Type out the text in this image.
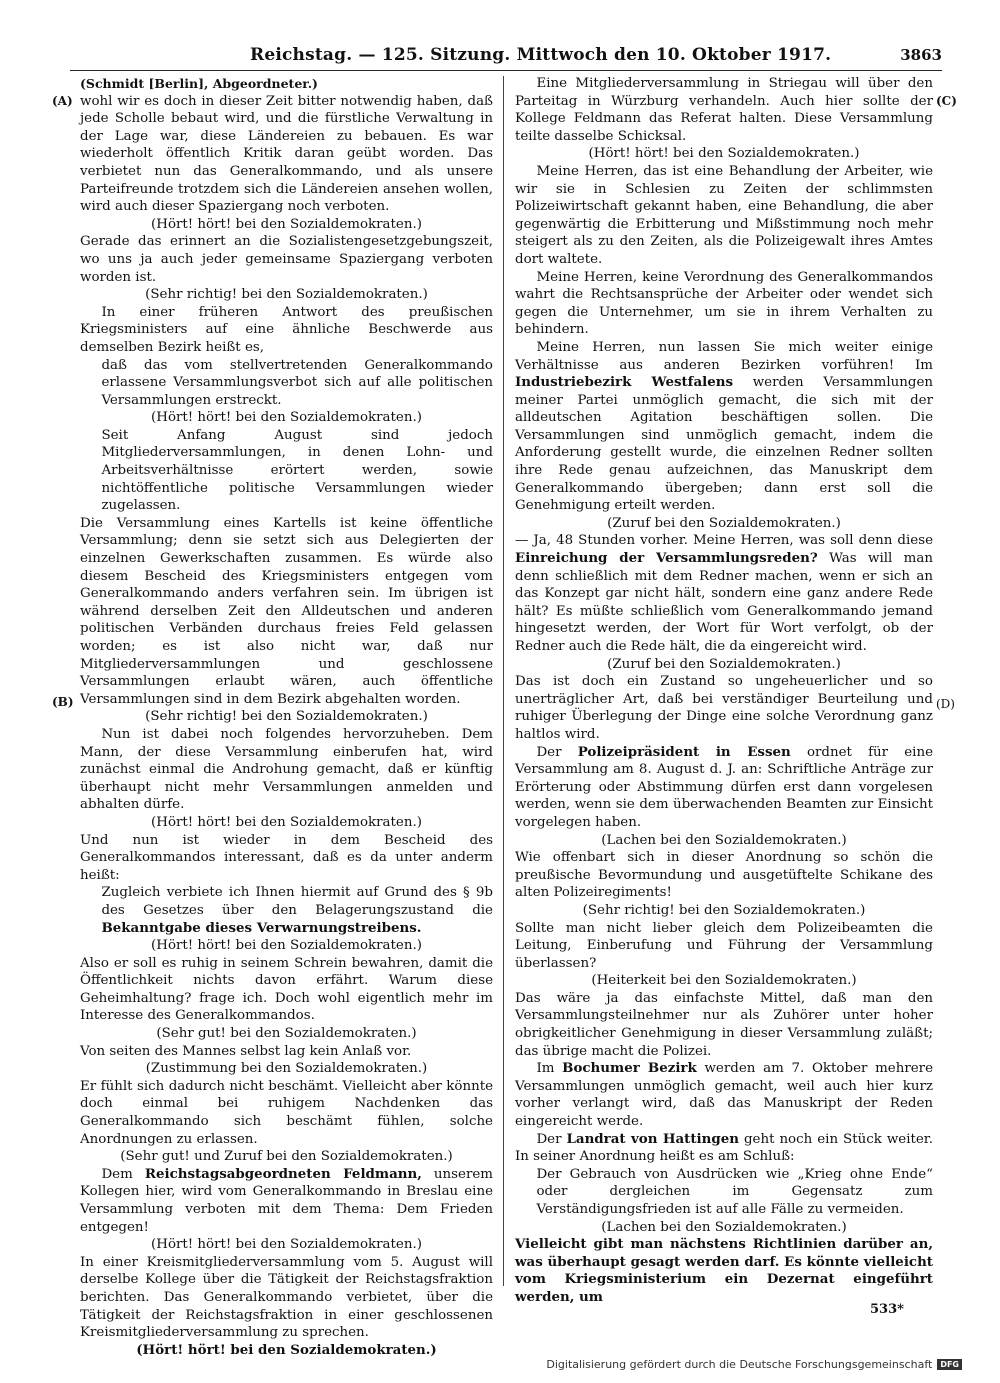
Reichstag. — 125. Sitzung. Mittwoch den 10. Oktober 1917.	3863
(A)
(B)
(C)
(D)

(Schmidt [Berlin], Abgeordneter.)

wohl wir es doch in dieser Zeit bitter notwendig haben, daß jede Scholle bebaut wird, und die fürstliche Verwaltung in der Lage war, diese Ländereien zu bebauen. Es war wiederholt öffentlich Kritik daran geübt worden. Das verbietet nun das Generalkommando, und als unsere Parteifreunde trotzdem sich die Ländereien ansehen wollen, wird auch dieser Spaziergang noch verboten.

(Hört! hört! bei den Sozialdemokraten.)

Gerade das erinnert an die Sozialistengesetzgebungszeit, wo uns ja auch jeder gemeinsame Spaziergang verboten worden ist.

(Sehr richtig! bei den Sozialdemokraten.)

In einer früheren Antwort des preußischen Kriegsministers auf eine ähnliche Beschwerde aus demselben Bezirk heißt es,

daß das vom stellvertretenden Generalkommando erlassene Versammlungsverbot sich auf alle politischen Versammlungen erstreckt.

(Hört! hört! bei den Sozialdemokraten.)

Seit Anfang August sind jedoch Mitgliederversammlungen, in denen Lohn- und Arbeitsverhältnisse erörtert werden, sowie nichtöffentliche politische Versammlungen wieder zugelassen.

Die Versammlung eines Kartells ist keine öffentliche Versammlung; denn sie setzt sich aus Delegierten der einzelnen Gewerkschaften zusammen. Es würde also diesem Bescheid des Kriegsministers entgegen vom Generalkommando anders verfahren sein. Im übrigen ist während derselben Zeit den Alldeutschen und anderen politischen Verbänden durchaus freies Feld gelassen worden; es ist also nicht war, daß nur Mitgliederversammlungen und geschlossene Versammlungen erlaubt wären, auch öffentliche Versammlungen sind in dem Bezirk abgehalten worden.

(Sehr richtig! bei den Sozialdemokraten.)

Nun ist dabei noch folgendes hervorzuheben. Dem Mann, der diese Versammlung einberufen hat, wird zunächst einmal die Androhung gemacht, daß er künftig überhaupt nicht mehr Versammlungen anmelden und abhalten dürfe.

(Hört! hört! bei den Sozialdemokraten.)

Und nun ist wieder in dem Bescheid des Generalkommandos interessant, daß es da unter anderm heißt:

Zugleich verbiete ich Ihnen hiermit auf Grund des § 9b des Gesetzes über den Belagerungszustand die Bekanntgabe dieses Verwarnungstreibens.

(Hört! hört! bei den Sozialdemokraten.)

Also er soll es ruhig in seinem Schrein bewahren, damit die Öffentlichkeit nichts davon erfährt. Warum diese Geheimhaltung? frage ich. Doch wohl eigentlich mehr im Interesse des Generalkommandos.

(Sehr gut! bei den Sozialdemokraten.)

Von seiten des Mannes selbst lag kein Anlaß vor.

(Zustimmung bei den Sozialdemokraten.)

Er fühlt sich dadurch nicht beschämt. Vielleicht aber könnte doch einmal bei ruhigem Nachdenken das Generalkommando sich beschämt fühlen, solche Anordnungen zu erlassen.

(Sehr gut! und Zuruf bei den Sozialdemokraten.)

Dem Reichstagsabgeordneten Feldmann, unserem Kollegen hier, wird vom Generalkommando in Breslau eine Versammlung verboten mit dem Thema: Dem Frieden entgegen!

(Hört! hört! bei den Sozialdemokraten.)

In einer Kreismitgliederversammlung vom 5. August will derselbe Kollege über die Tätigkeit der Reichstagsfraktion berichten. Das Generalkommando verbietet, über die Tätigkeit der Reichstagsfraktion in einer geschlossenen Kreismitgliederversammlung zu sprechen.

(Hört! hört! bei den Sozialdemokraten.)

Eine Mitgliederversammlung in Striegau will über den Parteitag in Würzburg verhandeln. Auch hier sollte der Kollege Feldmann das Referat halten. Diese Versammlung teilte dasselbe Schicksal.

(Hört! hört! bei den Sozialdemokraten.)

Meine Herren, das ist eine Behandlung der Arbeiter, wie wir sie in Schlesien zu Zeiten der schlimmsten Polizeiwirtschaft gekannt haben, eine Behandlung, die aber gegenwärtig die Erbitterung und Mißstimmung noch mehr steigert als zu den Zeiten, als die Polizeigewalt ihres Amtes dort waltete.

Meine Herren, keine Verordnung des Generalkommandos wahrt die Rechtsansprüche der Arbeiter oder wendet sich gegen die Unternehmer, um sie in ihrem Verhalten zu behindern.

Meine Herren, nun lassen Sie mich weiter einige Verhältnisse aus anderen Bezirken vorführen! Im Industriebezirk Westfalens werden Versammlungen meiner Partei unmöglich gemacht, die sich mit der alldeutschen Agitation beschäftigen sollen. Die Versammlungen sind unmöglich gemacht, indem die Anforderung gestellt wurde, die einzelnen Redner sollten ihre Rede genau aufzeichnen, das Manuskript dem Generalkommando übergeben; dann erst soll die Genehmigung erteilt werden.

(Zuruf bei den Sozialdemokraten.)

— Ja, 48 Stunden vorher. Meine Herren, was soll denn diese Einreichung der Versammlungsreden? Was will man denn schließlich mit dem Redner machen, wenn er sich an das Konzept gar nicht hält, sondern eine ganz andere Rede hält? Es müßte schließlich vom Generalkommando jemand hingesetzt werden, der Wort für Wort verfolgt, ob der Redner auch die Rede hält, die da eingereicht wird.

(Zuruf bei den Sozialdemokraten.)

Das ist doch ein Zustand so ungeheuerlicher und so unerträglicher Art, daß bei verständiger Beurteilung und ruhiger Überlegung der Dinge eine solche Verordnung ganz haltlos wird.

Der Polizeipräsident in Essen ordnet für eine Versammlung am 8. August d. J. an: Schriftliche Anträge zur Erörterung oder Abstimmung dürfen erst dann vorgelesen werden, wenn sie dem überwachenden Beamten zur Einsicht vorgelegen haben.

(Lachen bei den Sozialdemokraten.)

Wie offenbart sich in dieser Anordnung so schön die preußische Bevormundung und ausgetüftelte Schikane des alten Polizeiregiments!

(Sehr richtig! bei den Sozialdemokraten.)

Sollte man nicht lieber gleich dem Polizeibeamten die Leitung, Einberufung und Führung der Versammlung überlassen?

(Heiterkeit bei den Sozialdemokraten.)

Das wäre ja das einfachste Mittel, daß man den Versammlungsteilnehmer nur als Zuhörer unter hoher obrigkeitlicher Genehmigung in dieser Versammlung zuläßt; das übrige macht die Polizei.

Im Bochumer Bezirk werden am 7. Oktober mehrere Versammlungen unmöglich gemacht, weil auch hier kurz vorher verlangt wird, daß das Manuskript der Reden eingereicht werde.

Der Landrat von Hattingen geht noch ein Stück weiter. In seiner Anordnung heißt es am Schluß:

Der Gebrauch von Ausdrücken wie „Krieg ohne Ende“ oder dergleichen im Gegensatz zum Verständigungsfrieden ist auf alle Fälle zu vermeiden.

(Lachen bei den Sozialdemokraten.)

Vielleicht gibt man nächstens Richtlinien darüber an, was überhaupt gesagt werden darf. Es könnte vielleicht vom Kriegsministerium ein Dezernat eingeführt werden, um

533*
Digitalisierung gefördert durch die Deutsche Forschungsgemeinschaft	DFG
